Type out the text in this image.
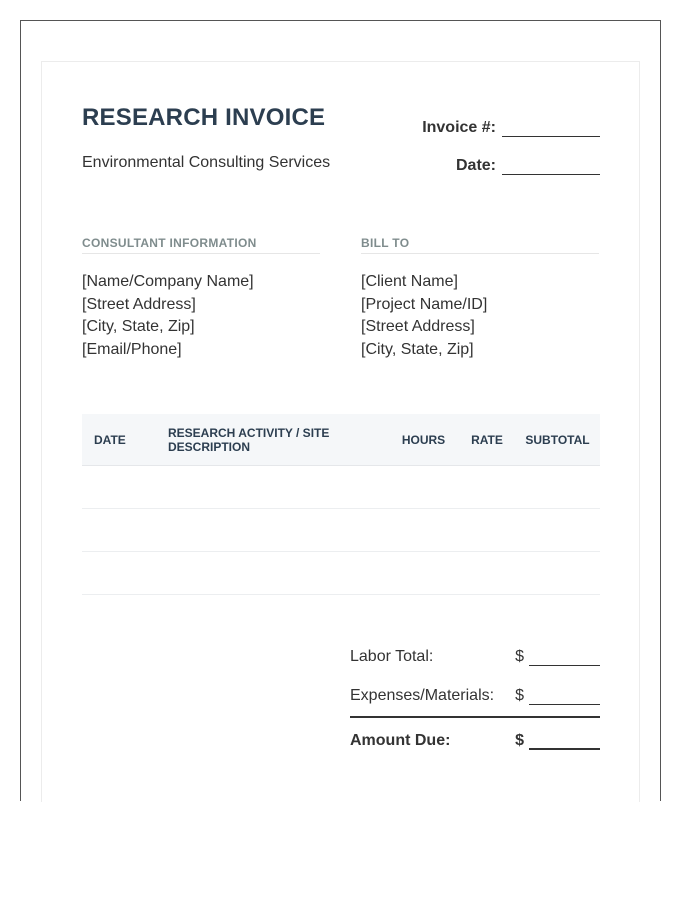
RESEARCH INVOICE
Environmental Consulting Services
Invoice #:
Date:
CONSULTANT INFORMATION
[Name/Company Name]
[Street Address]
[City, State, Zip]
[Email/Phone]
BILL TO
[Client Name]
[Project Name/ID]
[Street Address]
[City, State, Zip]
DATE	RESEARCH ACTIVITY / SITE DESCRIPTION	HOURS	RATE	SUBTOTAL
Labor Total:	$
Expenses/Materials: $
Amount Due:	$
